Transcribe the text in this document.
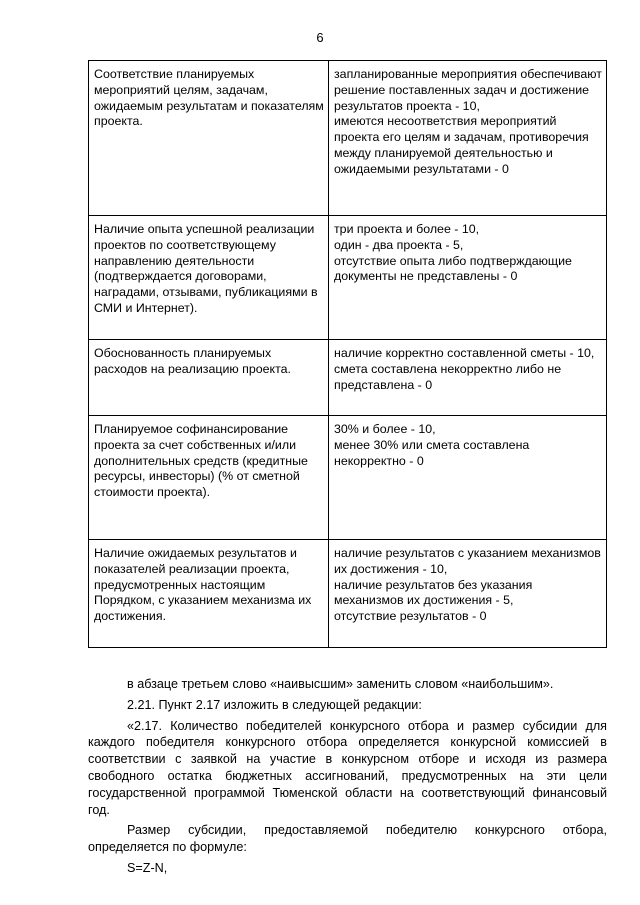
6
Соответствие планируемых мероприятий целям, задачам, ожидаемым результатам и показателям проекта.	запланированные мероприятия обеспечивают решение поставленных задач и достижение результатов проекта - 10,
имеются несоответствия мероприятий проекта его целям и задачам, противоречия между планируемой деятельностью и ожидаемыми результатами - 0

Наличие опыта успешной реализации проектов по соответствующему направлению деятельности (подтверждается договорами, наградами, отзывами, публикациями в СМИ и Интернет).	три проекта и более - 10,
один - два проекта - 5,
отсутствие опыта либо подтверждающие документы не представлены - 0

Обоснованность планируемых расходов на реализацию проекта.	наличие корректно составленной сметы - 10,
смета составлена некорректно либо не представлена - 0

Планируемое софинансирование проекта за счет собственных и/или дополнительных средств (кредитные ресурсы, инвесторы) (% от сметной стоимости проекта).	30% и более - 10,
менее 30% или смета составлена некорректно - 0

Наличие ожидаемых результатов и показателей реализации проекта, предусмотренных настоящим Порядком, с указанием механизма их достижения.	наличие результатов с указанием механизмов их достижения - 10,
наличие результатов без указания механизмов их достижения - 5,
отсутствие результатов - 0
в абзаце третьем слово «наивысшим» заменить словом «наибольшим».
2.21. Пункт 2.17 изложить в следующей редакции:
«2.17. Количество победителей конкурсного отбора и размер субсидии для каждого победителя конкурсного отбора определяется конкурсной комиссией в соответствии с заявкой на участие в конкурсном отборе и исходя из размера свободного остатка бюджетных ассигнований, предусмотренных на эти цели государственной программой Тюменской области на соответствующий финансовый год.
Размер субсидии, предоставляемой победителю конкурсного отбора, определяется по формуле:
S=Z-N,
